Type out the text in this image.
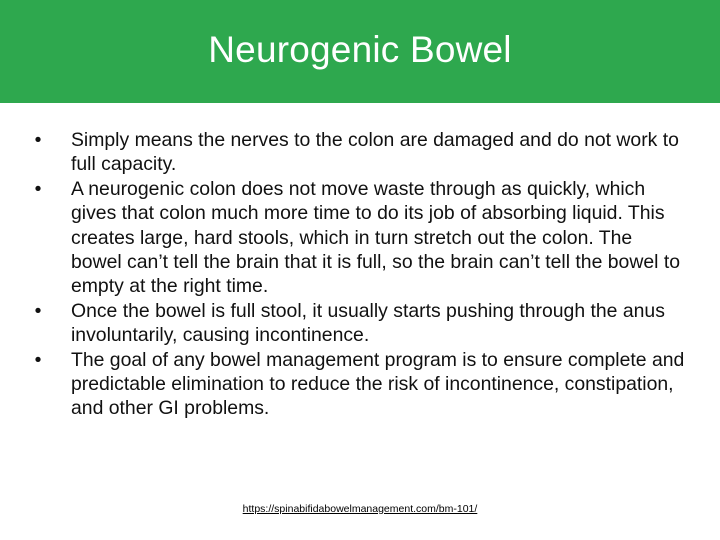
Neurogenic Bowel
•	Simply means the nerves to the colon are damaged and do not work to full capacity.
•	A neurogenic colon does not move waste through as quickly, which gives that colon much more time to do its job of absorbing liquid. This creates large, hard stools, which in turn stretch out the colon. The bowel can’t tell the brain that it is full, so the brain can’t tell the bowel to empty at the right time.
•	Once the bowel is full stool, it usually starts pushing through the anus involuntarily, causing incontinence.
•	The goal of any bowel management program is to ensure complete and predictable elimination to reduce the risk of incontinence, constipation, and other GI problems.
https://spinabifidabowelmanagement.com/bm-101/
